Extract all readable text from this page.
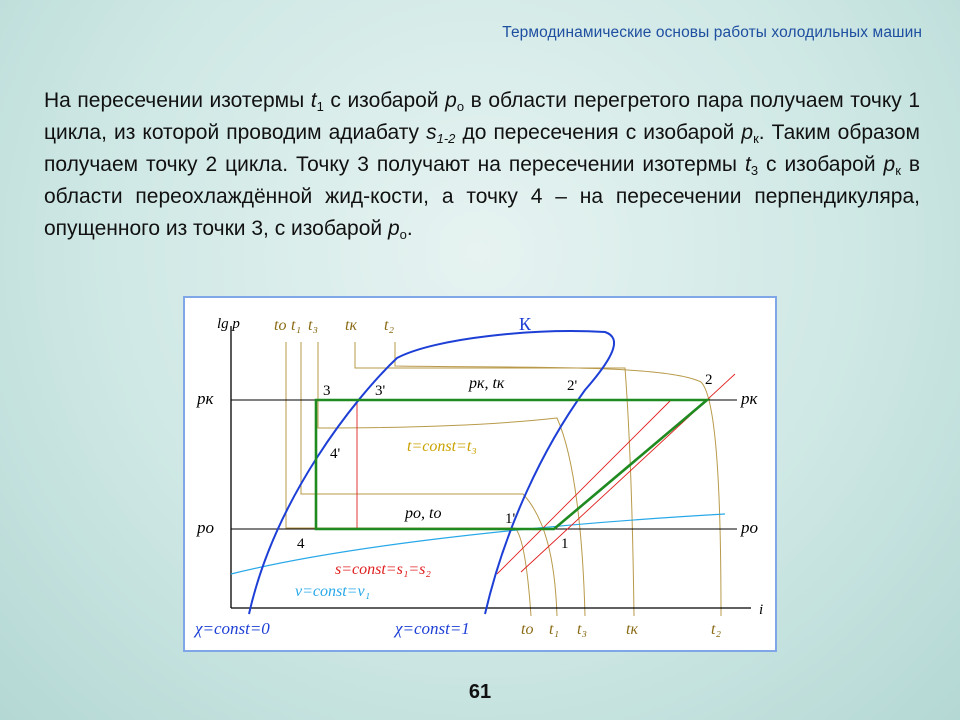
Термодинамические основы работы холодильных машин
На пересечении изотермы $t_1$ с изобарой $p_о$ в области перегретого пара получаем точку 1 цикла, из которой проводим адиабату $s_{1-2}$ до пересечения с изобарой $p_к$. Таким образом получаем точку 2 цикла. Точку 3 получают на пересечении изотермы $t_3$ с изобарой $p_к$ в области переохлаждённой жид-кости, а точку 4 – на пересечении перпендикуляра, опущенного из точки 3, с изобарой $p_о$.
lg p tо t₁ t₃ tк t₂	К
pк	pк
pо	pо
3	3'	2'	2
4'
1'
1
4
pк, tк
pо, tо
t=const=t₃
s=const=s₁=s₂
v=const=v₁
χ=const=0	χ=const=1	tо t₁ t₃ tк	t₂
i
61
